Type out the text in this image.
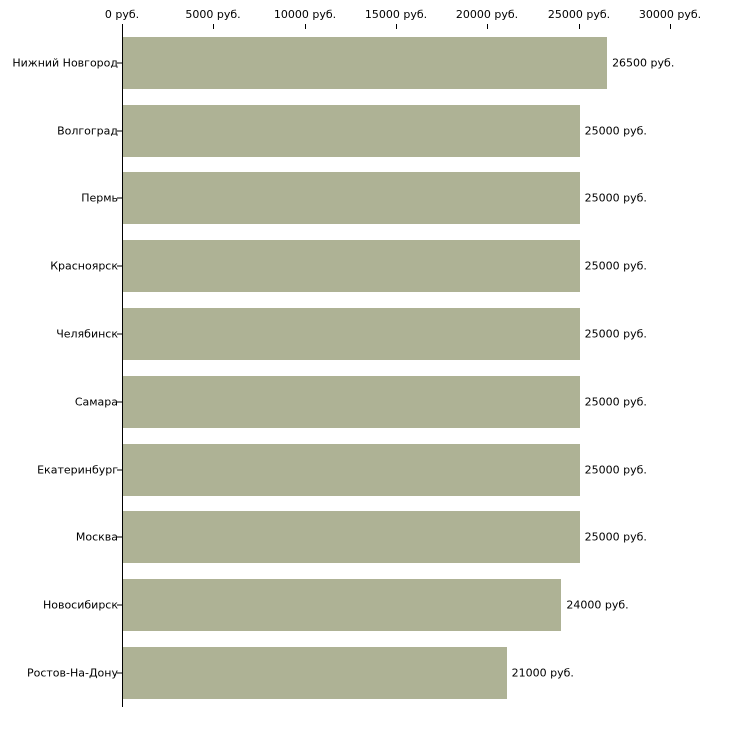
0 руб.	5000 руб.	10000 руб.	15000 руб.	20000 руб.	25000 руб.	30000 руб.
Нижний Новгород	26500 руб.
Волгоград	25000 руб.
Пермь	25000 руб.
Красноярск	25000 руб.
Челябинск	25000 руб.
Самара	25000 руб.
Екатеринбург	25000 руб.
Москва	25000 руб.
Новосибирск	24000 руб.
Ростов-На-Дону	21000 руб.
